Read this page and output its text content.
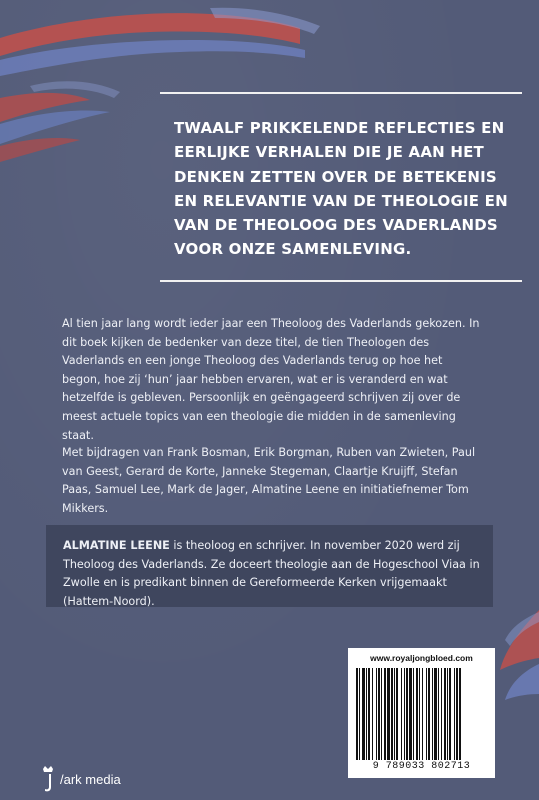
TWAALF PRIKKELENDE REFLECTIES EN EERLIJKE VERHALEN DIE JE AAN HET DENKEN ZETTEN OVER DE BETEKENIS EN RELEVANTIE VAN DE THEOLOGIE EN VAN DE THEOLOOG DES VADERLANDS VOOR ONZE SAMENLEVING.

Al tien jaar lang wordt ieder jaar een Theoloog des Vaderlands gekozen. In dit boek kijken de bedenker van deze titel, de tien Theologen des Vaderlands en een jonge Theoloog des Vaderlands terug op hoe het begon, hoe zij ‘hun’ jaar hebben ervaren, wat er is veranderd en wat hetzelfde is gebleven. Persoonlijk en geëngageerd schrijven zij over de meest actuele topics van een theologie die midden in de samenleving staat.

Met bijdragen van Frank Bosman, Erik Borgman, Ruben van Zwieten, Paul van Geest, Gerard de Korte, Janneke Stegeman, Claartje Kruijff, Stefan Paas, Samuel Lee, Mark de Jager, Almatine Leene en initiatiefnemer Tom Mikkers.

ALMATINE LEENE is theoloog en schrijver. In november 2020 werd zij Theoloog des Vaderlands. Ze doceert theologie aan de Hogeschool Viaa in Zwolle en is predikant binnen de Gereformeerde Kerken vrijgemaakt (Hattem-Noord).

www.royaljongbloed.com
9 789033 802713
/ark media
